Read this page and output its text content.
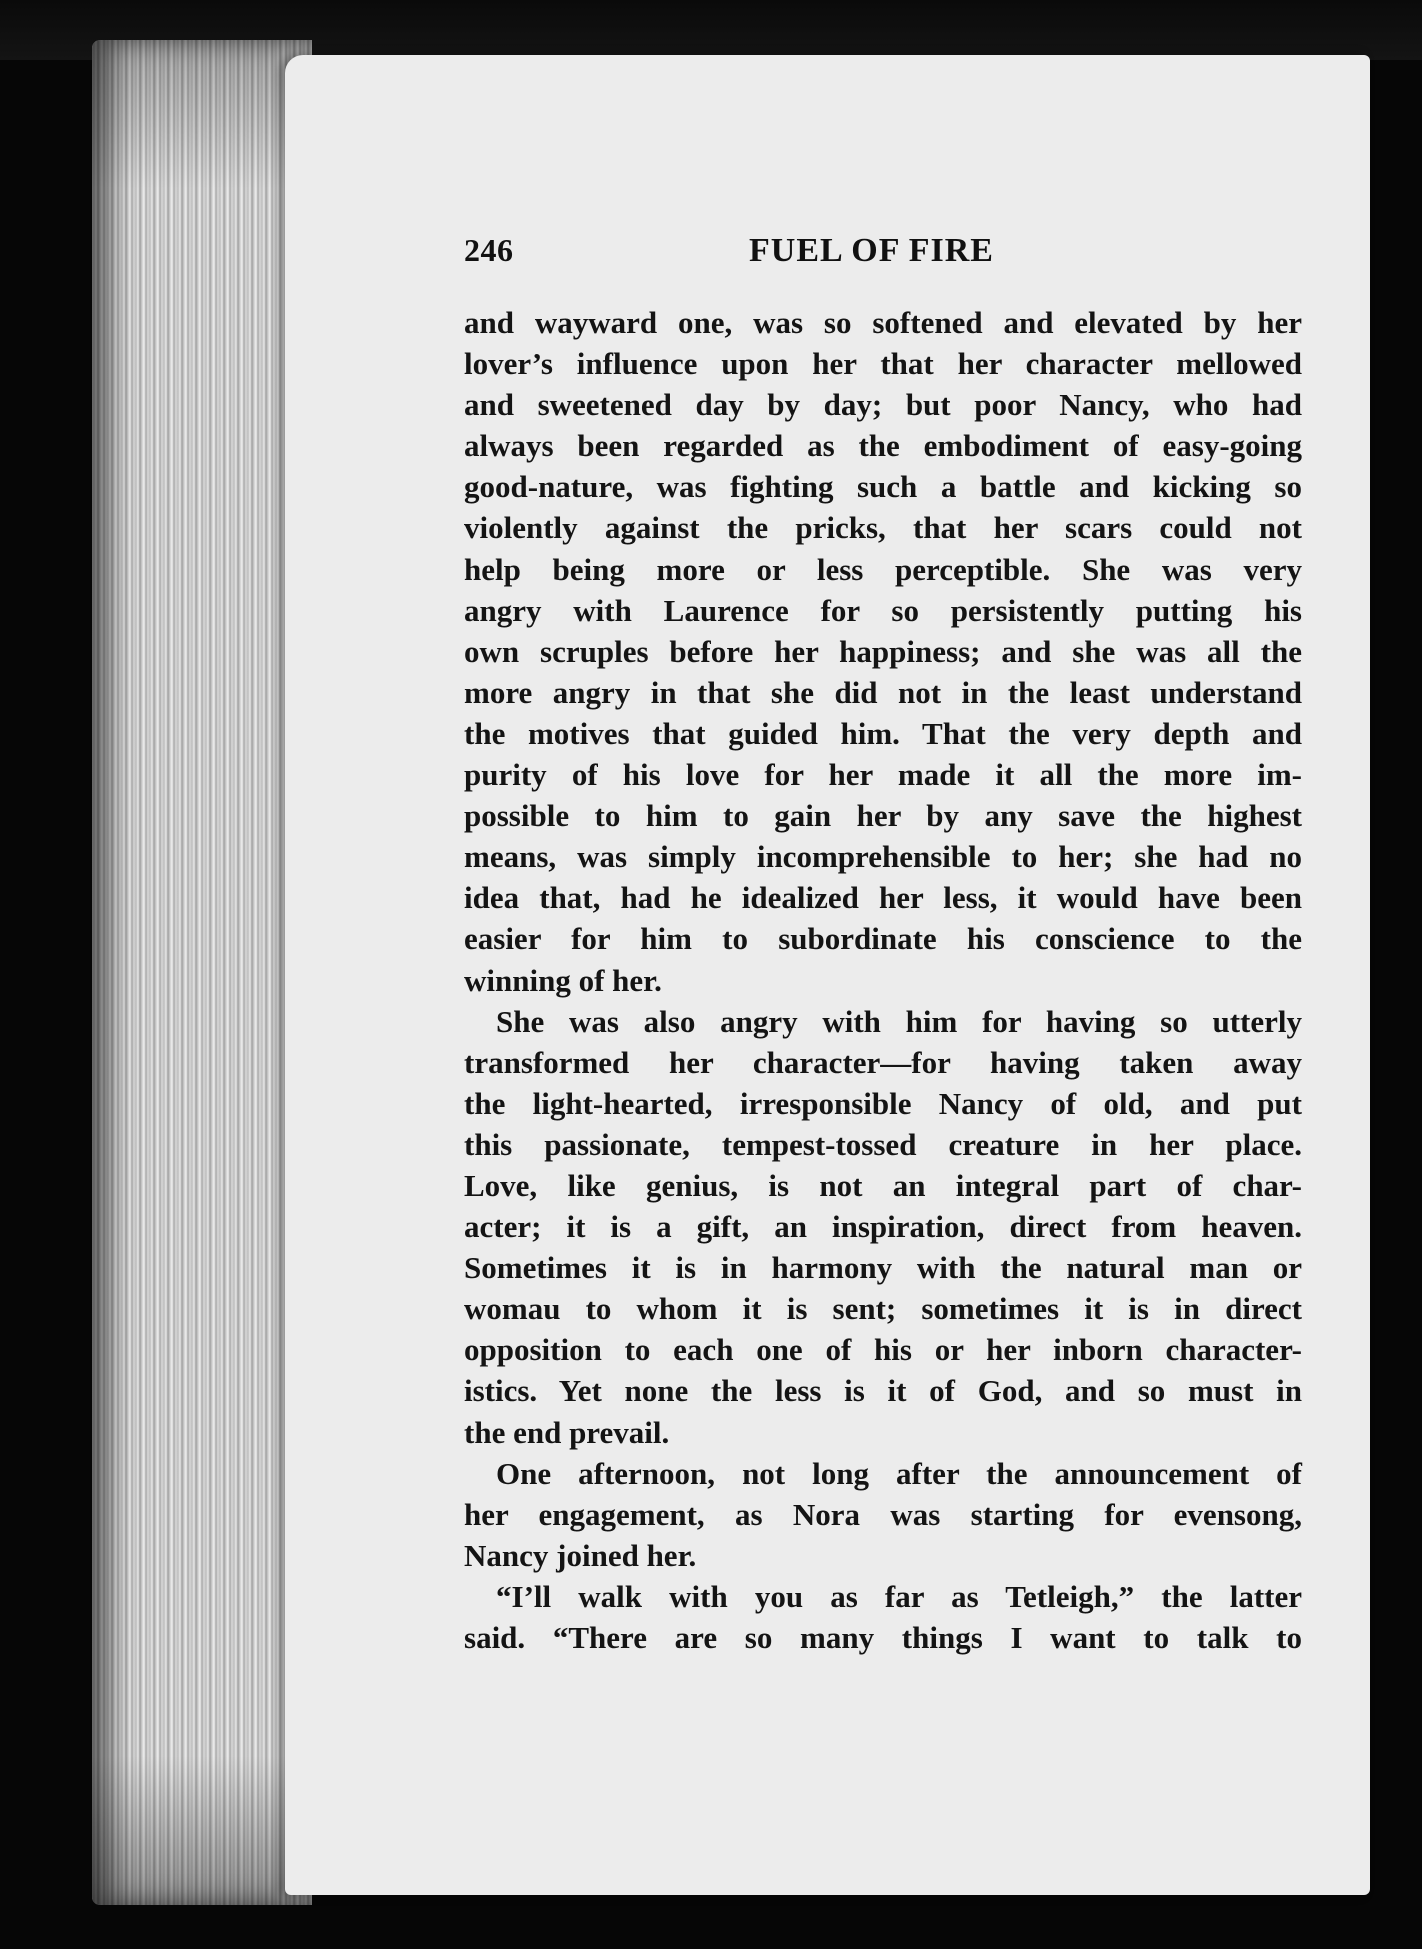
246	FUEL OF FIRE
and wayward one, was so softened and elevated by her
lover’s influence upon her that her character mellowed
and sweetened day by day; but poor Nancy, who had
always been regarded as the embodiment of easy-going
good-nature, was fighting such a battle and kicking so
violently against the pricks, that her scars could not
help being more or less perceptible. She was very
angry with Laurence for so persistently putting his
own scruples before her happiness; and she was all the
more angry in that she did not in the least understand
the motives that guided him. That the very depth and
purity of his love for her made it all the more im-
possible to him to gain her by any save the highest
means, was simply incomprehensible to her; she had no
idea that, had he idealized her less, it would have been
easier for him to subordinate his conscience to the
winning of her.
She was also angry with him for having so utterly
transformed her character—for having taken away
the light-hearted, irresponsible Nancy of old, and put
this passionate, tempest-tossed creature in her place.
Love, like genius, is not an integral part of char-
acter; it is a gift, an inspiration, direct from heaven.
Sometimes it is in harmony with the natural man or
womau to whom it is sent; sometimes it is in direct
opposition to each one of his or her inborn character-
istics. Yet none the less is it of God, and so must in
the end prevail.
One afternoon, not long after the announcement of
her engagement, as Nora was starting for evensong,
Nancy joined her.
“I’ll walk with you as far as Tetleigh,” the latter
said. “There are so many things I want to talk to
